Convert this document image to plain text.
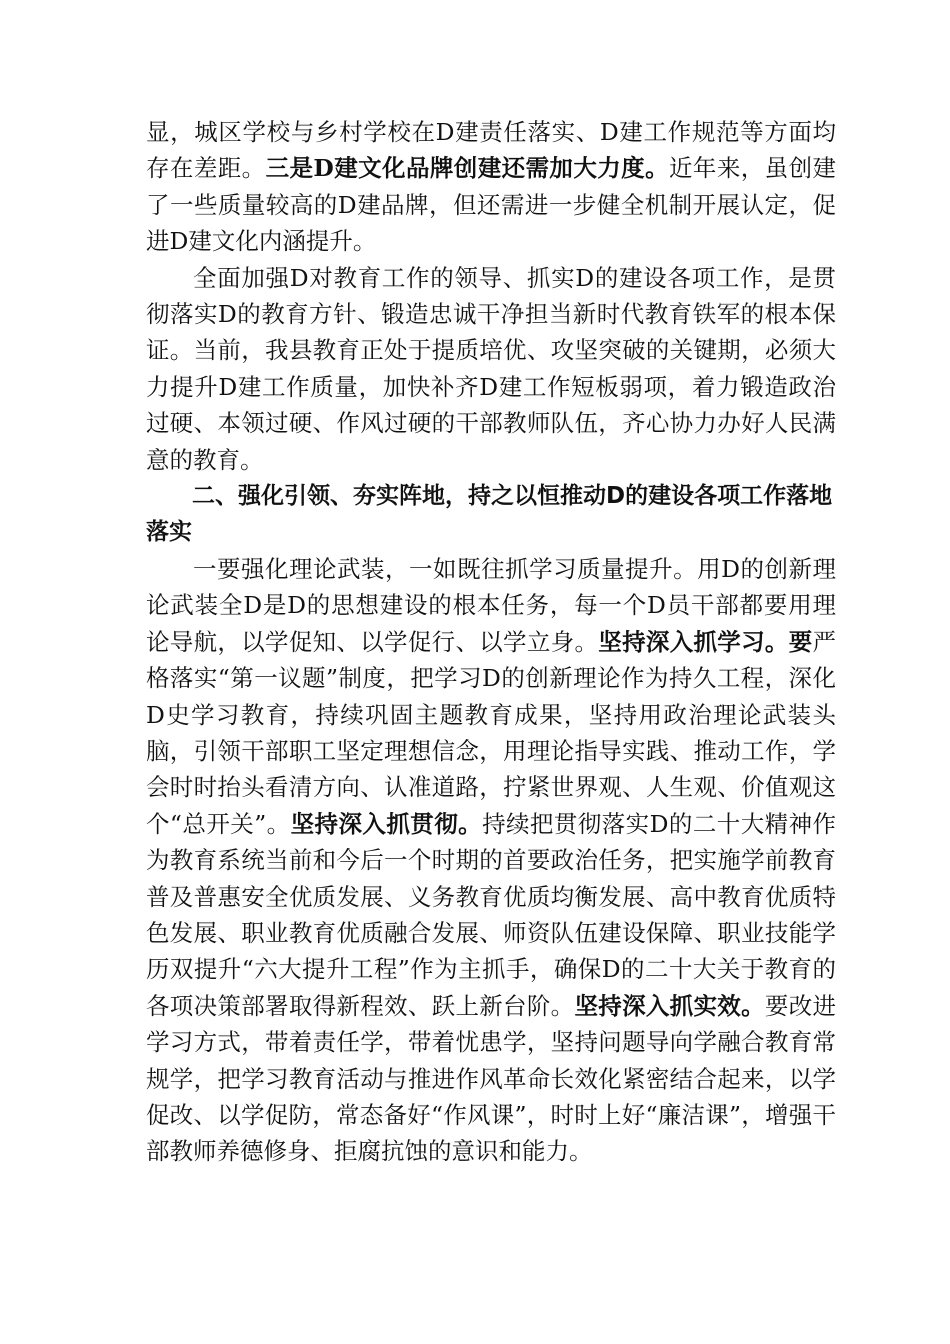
显，城区学校与乡村学校在D建责任落实、D建工作规范等方面均存在差距。三是D建文化品牌创建还需加大力度。近年来，虽创建了一些质量较高的D建品牌，但还需进一步健全机制开展认定，促进D建文化内涵提升。

全面加强D对教育工作的领导、抓实D的建设各项工作，是贯彻落实D的教育方针、锻造忠诚干净担当新时代教育铁军的根本保证。当前，我县教育正处于提质培优、攻坚突破的关键期，必须大力提升D建工作质量，加快补齐D建工作短板弱项，着力锻造政治过硬、本领过硬、作风过硬的干部教师队伍，齐心协力办好人民满意的教育。

二、强化引领、夯实阵地，持之以恒推动D的建设各项工作落地落实

一要强化理论武装，一如既往抓学习质量提升。用D的创新理论武装全D是D的思想建设的根本任务，每一个D员干部都要用理论导航，以学促知、以学促行、以学立身。坚持深入抓学习。要严格落实“第一议题”制度，把学习D的创新理论作为持久工程，深化D史学习教育，持续巩固主题教育成果，坚持用政治理论武装头脑，引领干部职工坚定理想信念，用理论指导实践、推动工作，学会时时抬头看清方向、认准道路，拧紧世界观、人生观、价值观这个“总开关”。坚持深入抓贯彻。持续把贯彻落实D的二十大精神作为教育系统当前和今后一个时期的首要政治任务，把实施学前教育普及普惠安全优质发展、义务教育优质均衡发展、高中教育优质特色发展、职业教育优质融合发展、师资队伍建设保障、职业技能学历双提升“六大提升工程”作为主抓手，确保D的二十大关于教育的各项决策部署取得新程效、跃上新台阶。坚持深入抓实效。要改进学习方式，带着责任学，带着忧患学，坚持问题导向学融合教育常规学，把学习教育活动与推进作风革命长效化紧密结合起来，以学促改、以学促防，常态备好“作风课”，时时上好“廉洁课”，增强干部教师养德修身、拒腐抗蚀的意识和能力。
